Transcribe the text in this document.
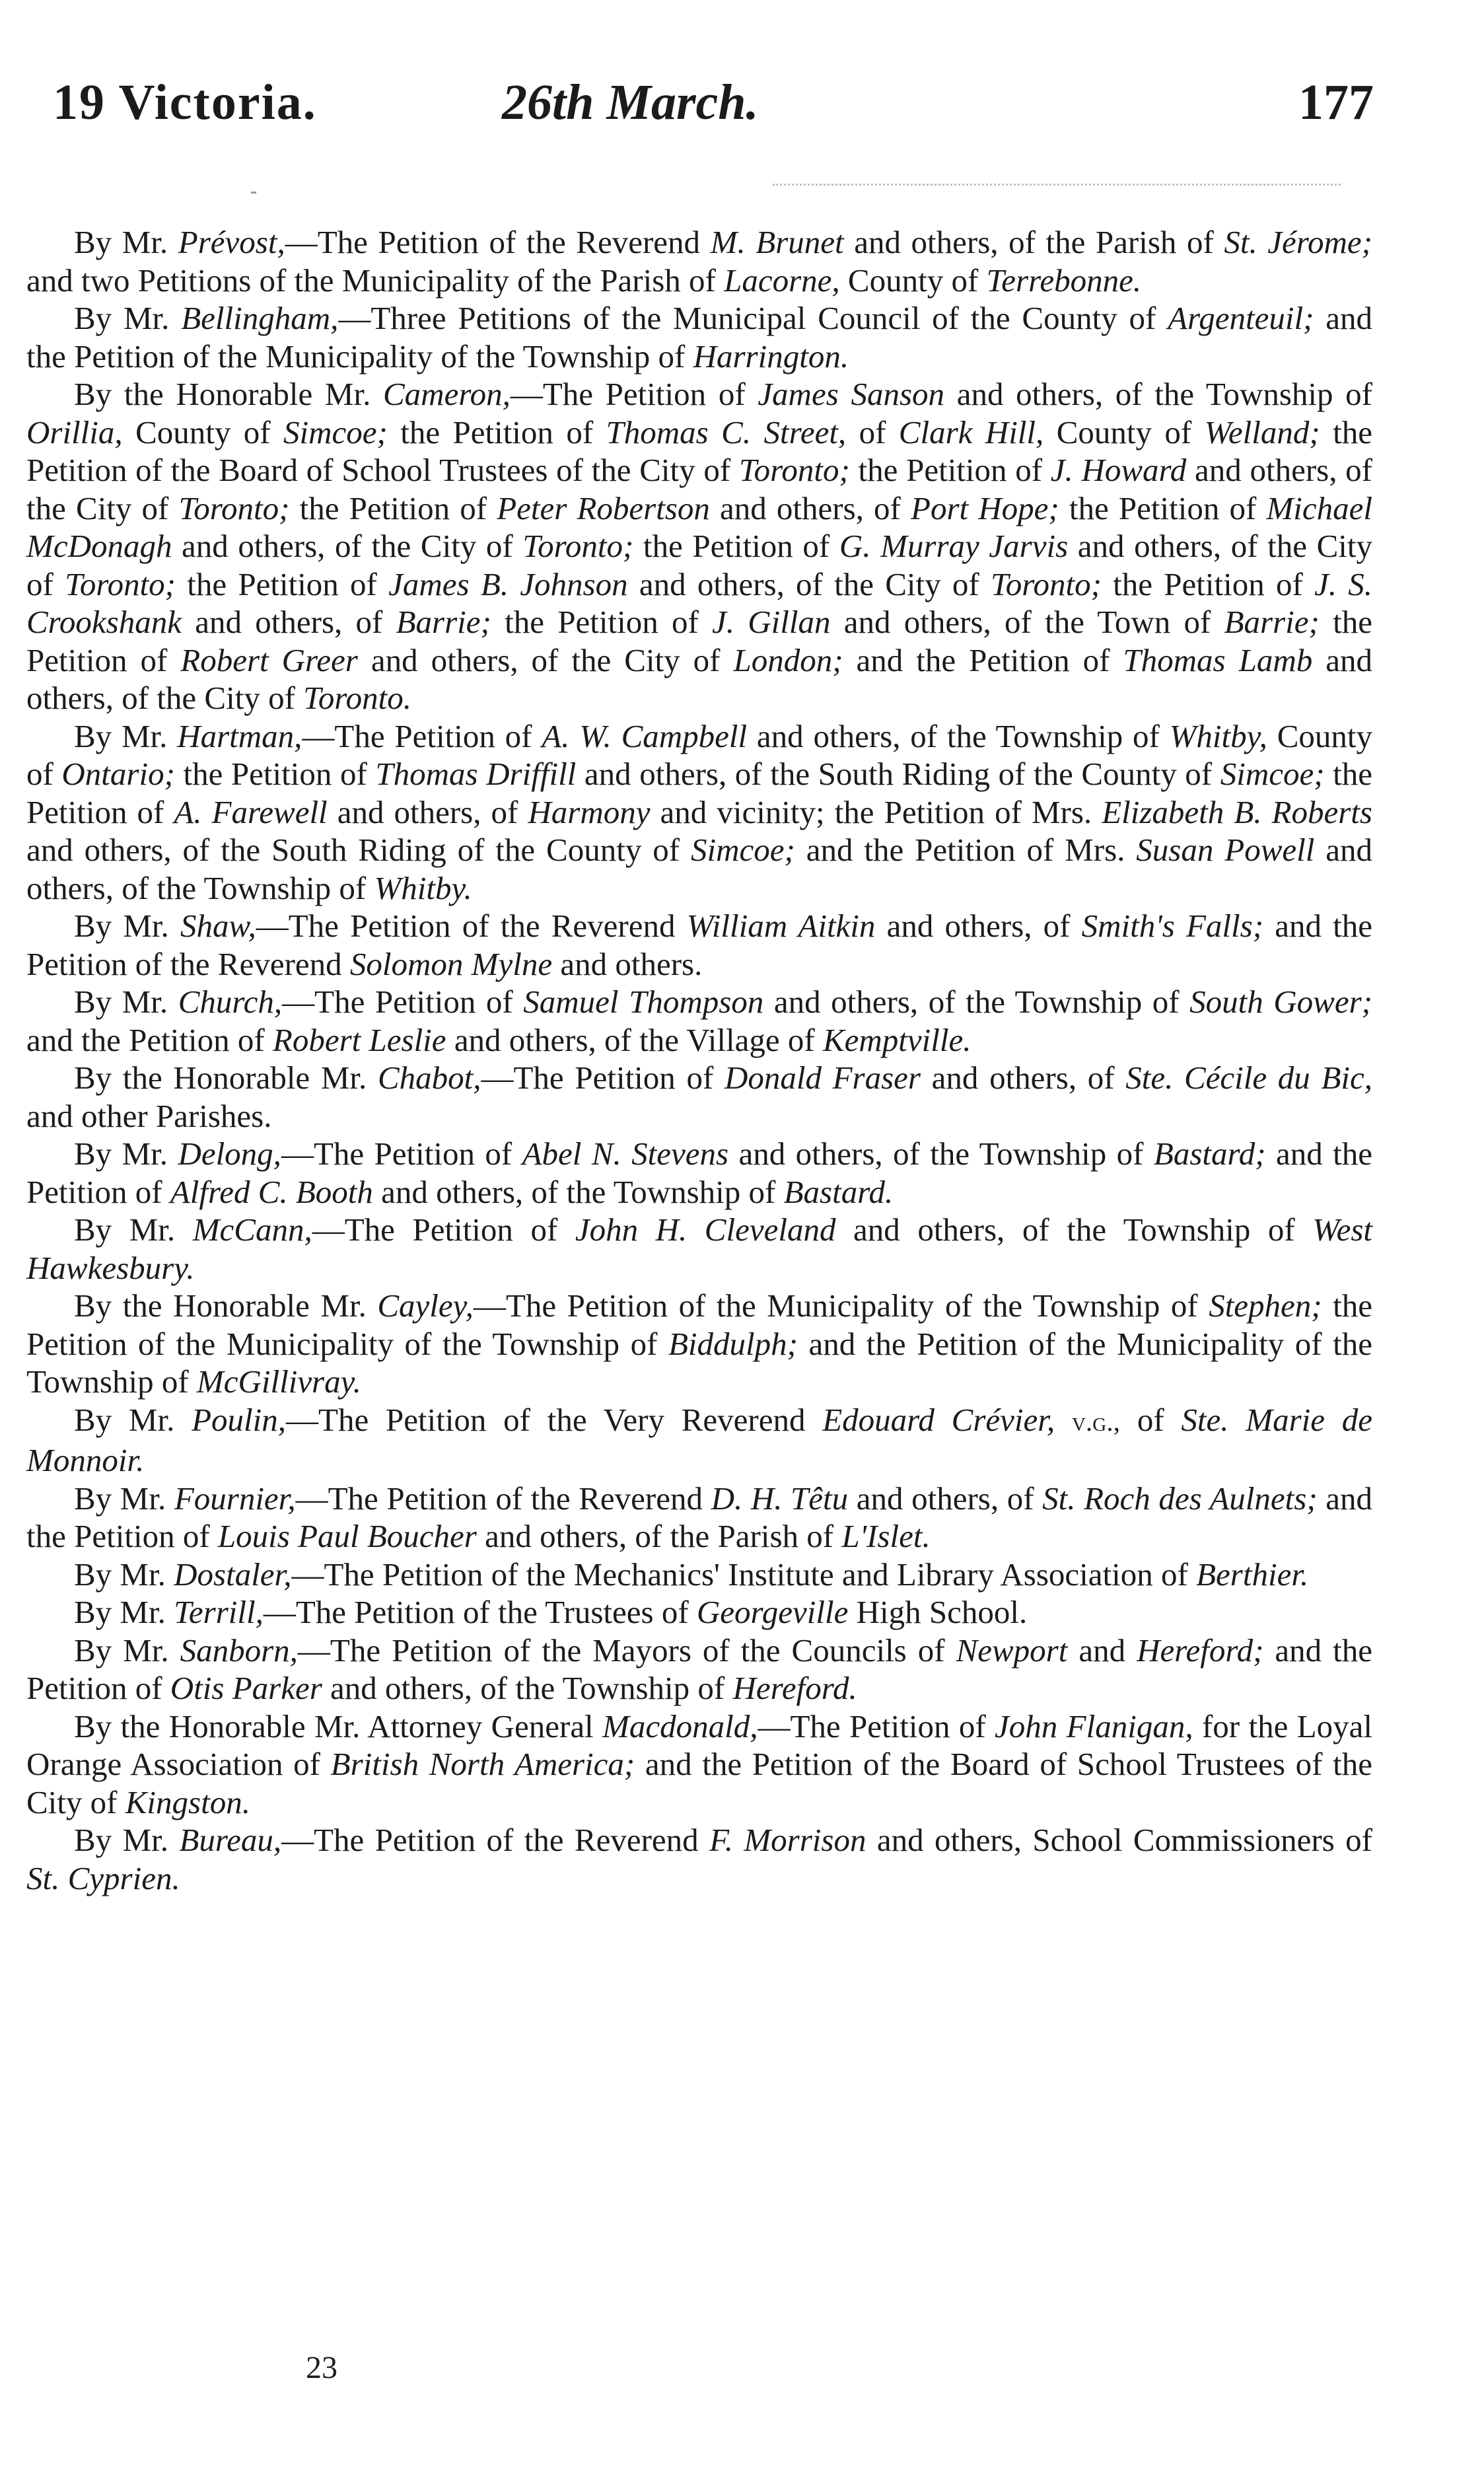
19 Victoria.	26th March.	177

By Mr. Prévost,—The Petition of the Reverend M. Brunet and others, of the Parish of St. Jérome; and two Petitions of the Municipality of the Parish of Lacorne, County of Terrebonne.

By Mr. Bellingham,—Three Petitions of the Municipal Council of the County of Argenteuil; and the Petition of the Municipality of the Township of Harrington.

By the Honorable Mr. Cameron,—The Petition of James Sanson and others, of the Township of Orillia, County of Simcoe; the Petition of Thomas C. Street, of Clark Hill, County of Welland; the Petition of the Board of School Trustees of the City of Toronto; the Petition of J. Howard and others, of the City of Toronto; the Petition of Peter Robertson and others, of Port Hope; the Petition of Michael McDonagh and others, of the City of Toronto; the Petition of G. Murray Jarvis and others, of the City of Toronto; the Petition of James B. Johnson and others, of the City of Toronto; the Petition of J. S. Crookshank and others, of Barrie; the Petition of J. Gillan and others, of the Town of Barrie; the Petition of Robert Greer and others, of the City of London; and the Petition of Thomas Lamb and others, of the City of Toronto.

By Mr. Hartman,—The Petition of A. W. Campbell and others, of the Township of Whitby, County of Ontario; the Petition of Thomas Driffill and others, of the South Riding of the County of Simcoe; the Petition of A. Farewell and others, of Harmony and vicinity; the Petition of Mrs. Elizabeth B. Roberts and others, of the South Riding of the County of Simcoe; and the Petition of Mrs. Susan Powell and others, of the Township of Whitby.

By Mr. Shaw,—The Petition of the Reverend William Aitkin and others, of Smith's Falls; and the Petition of the Reverend Solomon Mylne and others.

By Mr. Church,—The Petition of Samuel Thompson and others, of the Township of South Gower; and the Petition of Robert Leslie and others, of the Village of Kemptville.

By the Honorable Mr. Chabot,—The Petition of Donald Fraser and others, of Ste. Cécile du Bic, and other Parishes.

By Mr. Delong,—The Petition of Abel N. Stevens and others, of the Township of Bastard; and the Petition of Alfred C. Booth and others, of the Township of Bastard.

By Mr. McCann,—The Petition of John H. Cleveland and others, of the Township of West Hawkesbury.

By the Honorable Mr. Cayley,—The Petition of the Municipality of the Township of Stephen; the Petition of the Municipality of the Township of Biddulph; and the Petition of the Municipality of the Township of McGillivray.

By Mr. Poulin,—The Petition of the Very Reverend Edouard Crévier, v.g., of Ste. Marie de Monnoir.

By Mr. Fournier,—The Petition of the Reverend D. H. Têtu and others, of St. Roch des Aulnets; and the Petition of Louis Paul Boucher and others, of the Parish of L'Islet.

By Mr. Dostaler,—The Petition of the Mechanics' Institute and Library Association of Berthier.

By Mr. Terrill,—The Petition of the Trustees of Georgeville High School.

By Mr. Sanborn,—The Petition of the Mayors of the Councils of Newport and Hereford; and the Petition of Otis Parker and others, of the Township of Hereford.

By the Honorable Mr. Attorney General Macdonald,—The Petition of John Flanigan, for the Loyal Orange Association of British North America; and the Petition of the Board of School Trustees of the City of Kingston.

By Mr. Bureau,—The Petition of the Reverend F. Morrison and others, School Commissioners of St. Cyprien.

23
